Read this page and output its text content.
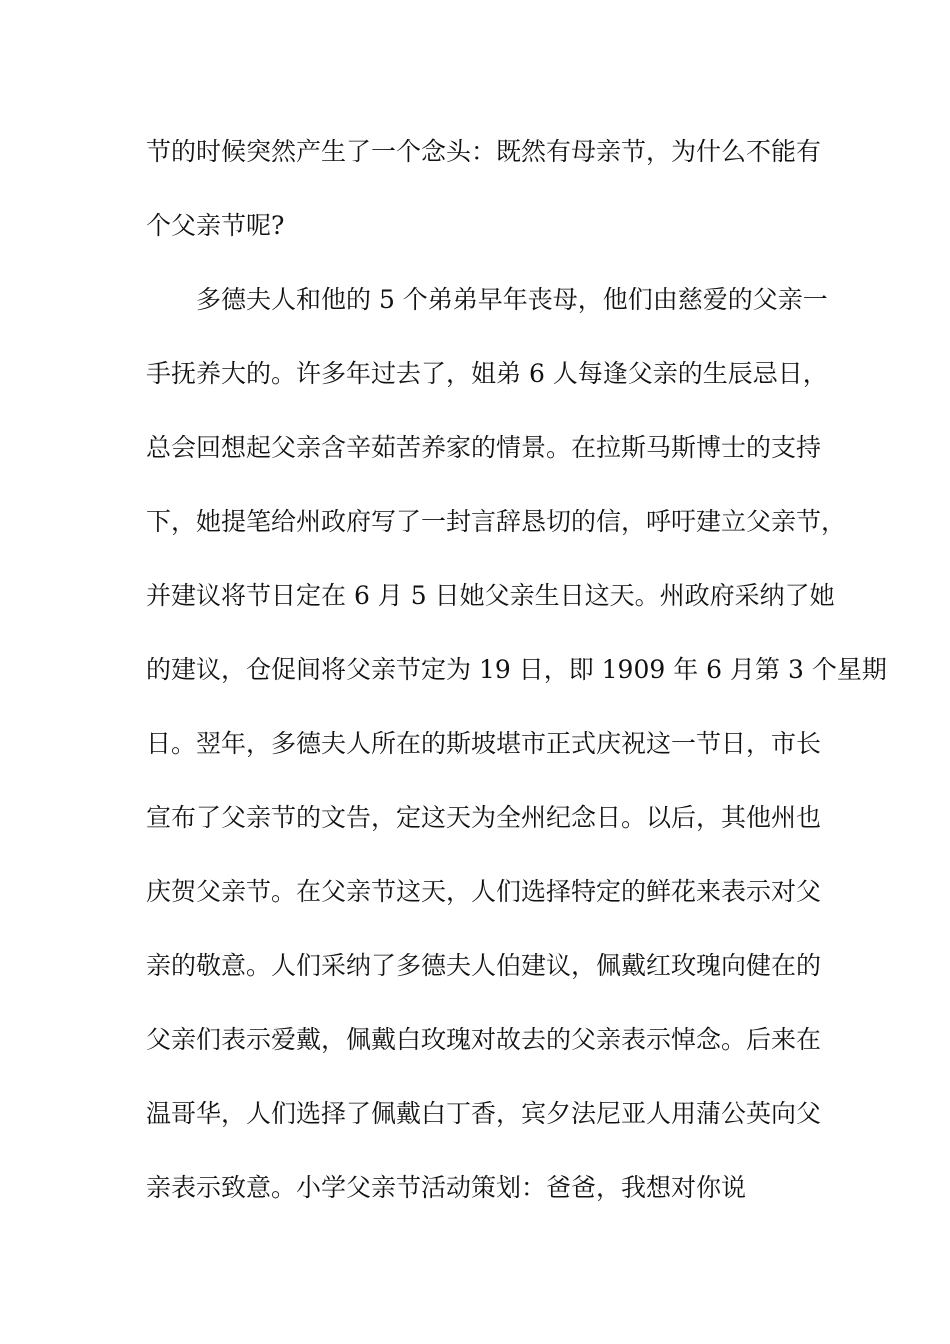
节的时候突然产生了一个念头：既然有母亲节，为什么不能有
个父亲节呢?
多德夫人和他的 5 个弟弟早年丧母，他们由慈爱的父亲一
手抚养大的。许多年过去了，姐弟 6 人每逢父亲的生辰忌日，
总会回想起父亲含辛茹苦养家的情景。在拉斯马斯博士的支持
下，她提笔给州政府写了一封言辞恳切的信，呼吁建立父亲节，
并建议将节日定在 6 月 5 日她父亲生日这天。州政府采纳了她
的建议，仓促间将父亲节定为 19 日，即 1909 年 6 月第 3 个星期
日。翌年，多德夫人所在的斯坡堪市正式庆祝这一节日，市长
宣布了父亲节的文告，定这天为全州纪念日。以后，其他州也
庆贺父亲节。在父亲节这天，人们选择特定的鲜花来表示对父
亲的敬意。人们采纳了多德夫人伯建议，佩戴红玫瑰向健在的
父亲们表示爱戴，佩戴白玫瑰对故去的父亲表示悼念。后来在
温哥华，人们选择了佩戴白丁香，宾夕法尼亚人用蒲公英向父
亲表示致意。小学父亲节活动策划：爸爸，我想对你说
